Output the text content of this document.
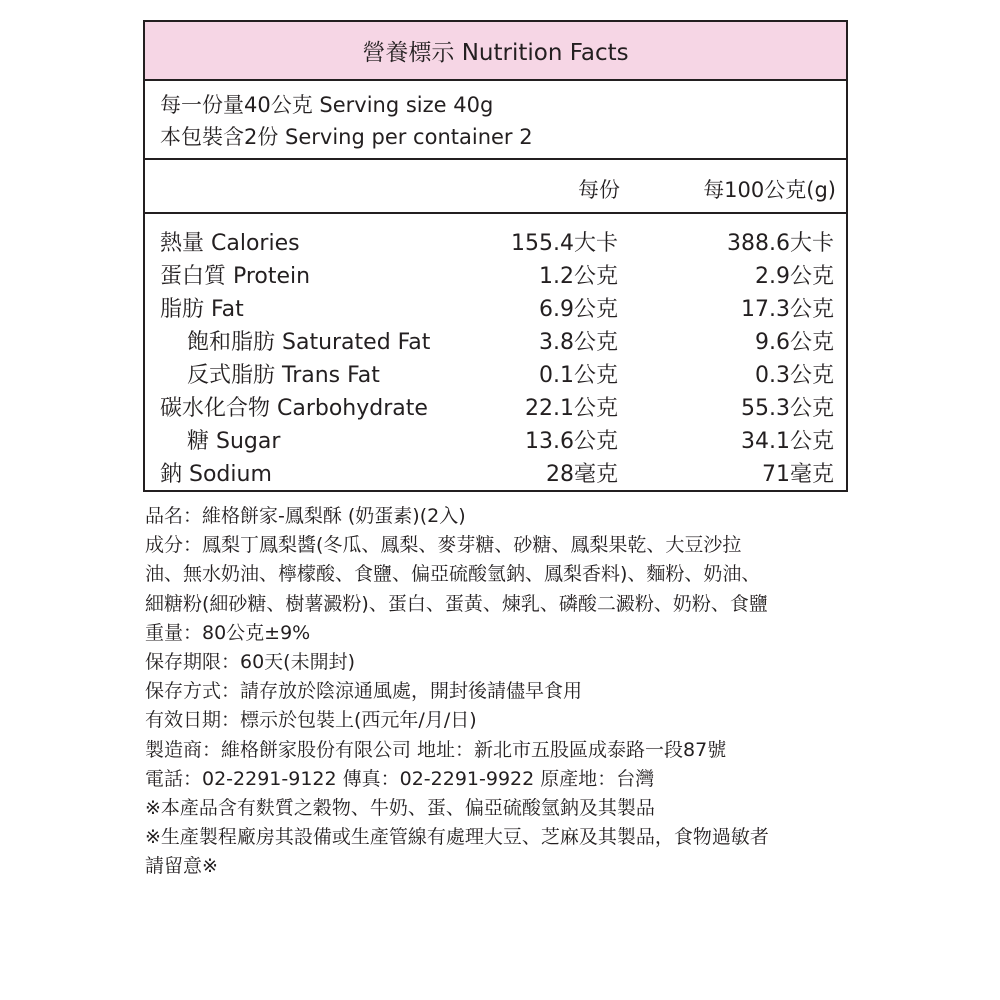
營養標示 Nutrition Facts
每一份量40公克 Serving size 40g
本包裝含2份 Serving per container 2
每份	每100公克(g)
熱量 Calories	155.4大卡	388.6大卡
蛋白質 Protein	1.2公克	2.9公克
脂肪 Fat	6.9公克	17.3公克
飽和脂肪 Saturated Fat	3.8公克	9.6公克
反式脂肪 Trans Fat	0.1公克	0.3公克
碳水化合物 Carbohydrate	22.1公克	55.3公克
糖 Sugar	13.6公克	34.1公克
鈉 Sodium	28毫克	71毫克
品名：維格餅家-鳳梨酥 (奶蛋素)(2入)
成分：鳳梨丁鳳梨醬(冬瓜、鳳梨、麥芽糖、砂糖、鳳梨果乾、大豆沙拉
油、無水奶油、檸檬酸、食鹽、偏亞硫酸氫鈉、鳳梨香料)、麵粉、奶油、
細糖粉(細砂糖、樹薯澱粉)、蛋白、蛋黃、煉乳、磷酸二澱粉、奶粉、食鹽
重量：80公克±9%
保存期限：60天(未開封)
保存方式：請存放於陰涼通風處，開封後請儘早食用
有效日期：標示於包裝上(西元年/月/日)
製造商：維格餅家股份有限公司 地址：新北市五股區成泰路一段87號
電話：02-2291-9122 傳真：02-2291-9922 原產地：台灣
※本產品含有麩質之穀物、牛奶、蛋、偏亞硫酸氫鈉及其製品
※生產製程廠房其設備或生產管線有處理大豆、芝麻及其製品，食物過敏者
請留意※
